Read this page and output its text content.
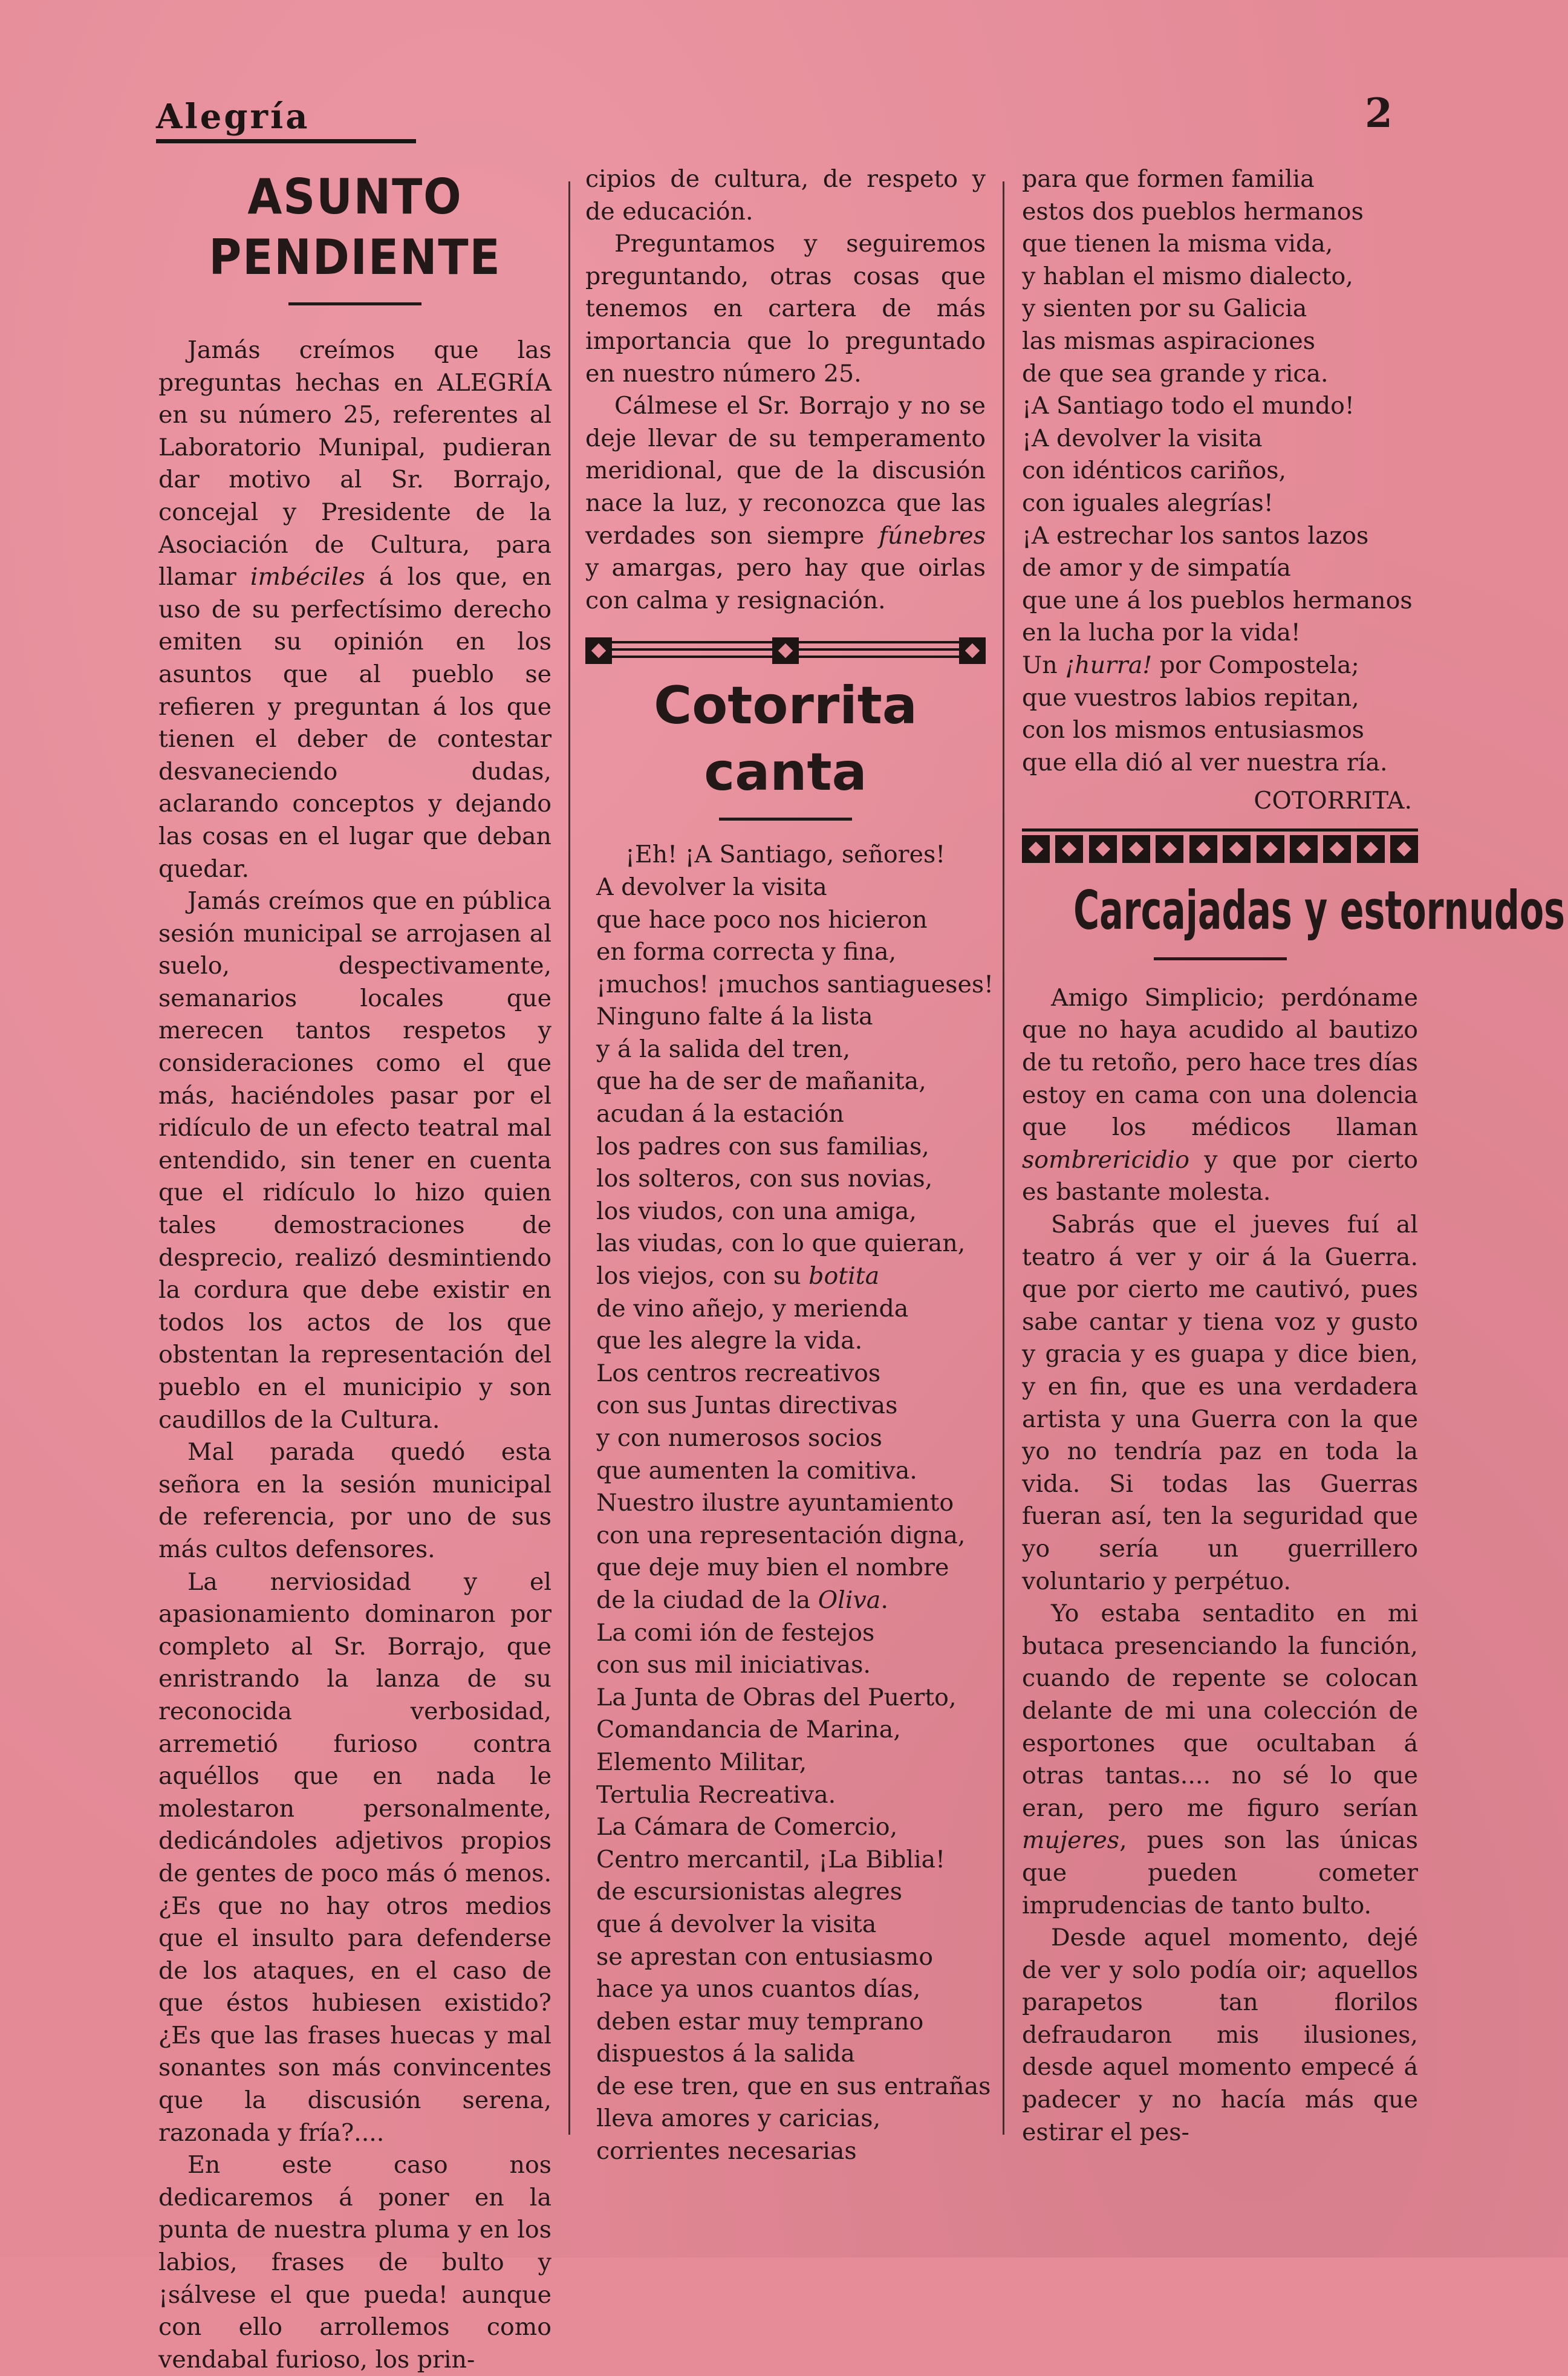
Alegría	2
ASUNTO PENDIENTE

Jamás creímos que las preguntas hechas en ALEGRÍA en su número 25, referentes al Laboratorio Munipal, pudieran dar motivo al Sr. Borrajo, concejal y Presidente de la Asociación de Cultura, para llamar imbéciles á los que, en uso de su perfectísimo derecho emiten su opinión en los asuntos que al pueblo se refieren y preguntan á los que tienen el deber de contestar desvaneciendo dudas, aclarando conceptos y dejando las cosas en el lugar que deban quedar.

Jamás creímos que en pública sesión municipal se arrojasen al suelo, despectivamente, semanarios locales que merecen tantos respetos y consideraciones como el que más, haciéndoles pasar por el ridículo de un efecto teatral mal entendido, sin tener en cuenta que el ridículo lo hizo quien tales demostraciones de desprecio, realizó desmintiendo la cordura que debe existir en todos los actos de los que obstentan la representación del pueblo en el municipio y son caudillos de la Cultura.

Mal parada quedó esta señora en la sesión municipal de referencia, por uno de sus más cultos defensores.

La nerviosidad y el apasionamiento dominaron por completo al Sr. Borrajo, que enristrando la lanza de su reconocida verbosidad, arremetió furioso contra aquéllos que en nada le molestaron personalmente, dedicándoles adjetivos propios de gentes de poco más ó menos. ¿Es que no hay otros medios que el insulto para defenderse de los ataques, en el caso de que éstos hubiesen existido? ¿Es que las frases huecas y mal sonantes son más convincentes que la discusión serena, razonada y fría?....

En este caso nos dedicaremos á poner en la punta de nuestra pluma y en los labios, frases de bulto y ¡sálvese el que pueda! aunque con ello arrollemos como vendabal furioso, los prin-

cipios de cultura, de respeto y de educación.

Preguntamos y seguiremos preguntando, otras cosas que tenemos en cartera de más importancia que lo preguntado en nuestro número 25.

Cálmese el Sr. Borrajo y no se deje llevar de su temperamento meridional, que de la discusión nace la luz, y reconozca que las verdades son siempre fúnebres y amargas, pero hay que oirlas con calma y resignación.

Cotorrita canta
¡Eh! ¡A Santiago, señores!
A devolver la visita
que hace poco nos hicieron
en forma correcta y fina,
¡muchos! ¡muchos santiagueses!
Ninguno falte á la lista
y á la salida del tren,
que ha de ser de mañanita,
acudan á la estación
los padres con sus familias,
los solteros, con sus novias,
los viudos, con una amiga,
las viudas, con lo que quieran,
los viejos, con su botita
de vino añejo, y merienda
que les alegre la vida.
Los centros recreativos
con sus Juntas directivas
y con numerosos socios
que aumenten la comitiva.
Nuestro ilustre ayuntamiento
con una representación digna,
que deje muy bien el nombre
de la ciudad de la Oliva.
La comi ión de festejos
con sus mil iniciativas.
La Junta de Obras del Puerto,
Comandancia de Marina,
Elemento Militar,
Tertulia Recreativa.
La Cámara de Comercio,
Centro mercantil, ¡La Biblia!
de escursionistas alegres
que á devolver la visita
se aprestan con entusiasmo
hace ya unos cuantos días,
deben estar muy temprano
dispuestos á la salida
de ese tren, que en sus entrañas
lleva amores y caricias,
corrientes necesarias
para que formen familia
estos dos pueblos hermanos
que tienen la misma vida,
y hablan el mismo dialecto,
y sienten por su Galicia
las mismas aspiraciones
de que sea grande y rica.
¡A Santiago todo el mundo!
¡A devolver la visita
con idénticos cariños,
con iguales alegrías!
¡A estrechar los santos lazos
de amor y de simpatía
que une á los pueblos hermanos
en la lucha por la vida!
Un ¡hurra! por Compostela;
que vuestros labios repitan,
con los mismos entusiasmos
que ella dió al ver nuestra ría.

COTORRITA.

Carcajadas y estornudos

Amigo Simplicio; perdóname que no haya acudido al bautizo de tu retoño, pero hace tres días estoy en cama con una dolencia que los médicos llaman sombrericidio y que por cierto es bastante molesta.

Sabrás que el jueves fuí al teatro á ver y oir á la Guerra. que por cierto me cautivó, pues sabe cantar y tiena voz y gusto y gracia y es guapa y dice bien, y en fin, que es una verdadera artista y una Guerra con la que yo no tendría paz en toda la vida. Si todas las Guerras fueran así, ten la seguridad que yo sería un guerrillero voluntario y perpétuo.

Yo estaba sentadito en mi butaca presenciando la función, cuando de repente se colocan delante de mi una colección de esportones que ocultaban á otras tantas.... no sé lo que eran, pero me figuro serían mujeres, pues son las únicas que pueden cometer imprudencias de tanto bulto.

Desde aquel momento, dejé de ver y solo podía oir; aquellos parapetos tan florilos defraudaron mis ilusiones, desde aquel momento empecé á padecer y no hacía más que estirar el pes-
